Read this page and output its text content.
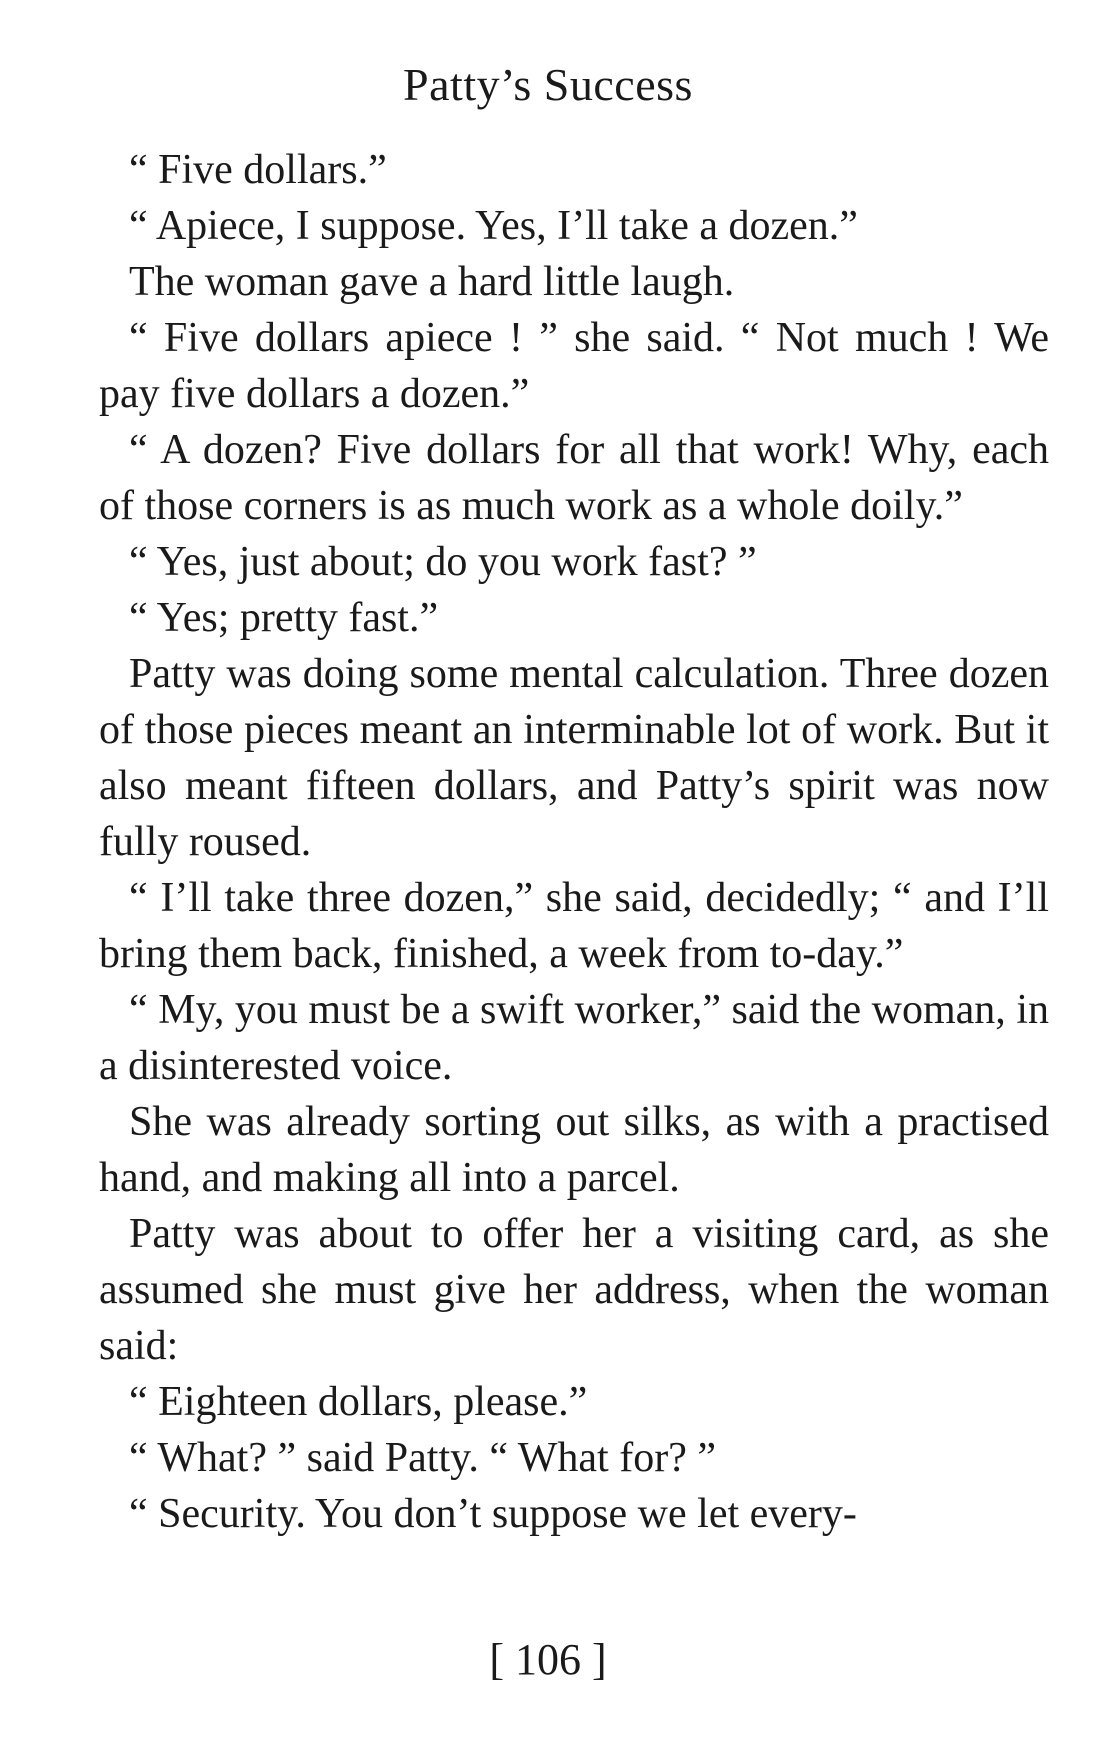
Patty’s Success

“ Five dollars.”

“ Apiece, I suppose. Yes, I’ll take a dozen.”

The woman gave a hard little laugh.

“ Five dollars apiece ! ” she said. “ Not much ! We pay five dollars a dozen.”

“ A dozen? Five dollars for all that work! Why, each of those corners is as much work as a whole doily.”

“ Yes, just about; do you work fast? ”

“ Yes; pretty fast.”

Patty was doing some mental calculation. Three dozen of those pieces meant an interminable lot of work. But it also meant fifteen dollars, and Patty’s spirit was now fully roused.

“ I’ll take three dozen,” she said, decidedly; “ and I’ll bring them back, finished, a week from to-day.”

“ My, you must be a swift worker,” said the woman, in a disinterested voice.

She was already sorting out silks, as with a practised hand, and making all into a parcel.

Patty was about to offer her a visiting card, as she assumed she must give her address, when the woman said:

“ Eighteen dollars, please.”

“ What? ” said Patty. “ What for? ”

“ Security. You don’t suppose we let every-

[ 106 ]
